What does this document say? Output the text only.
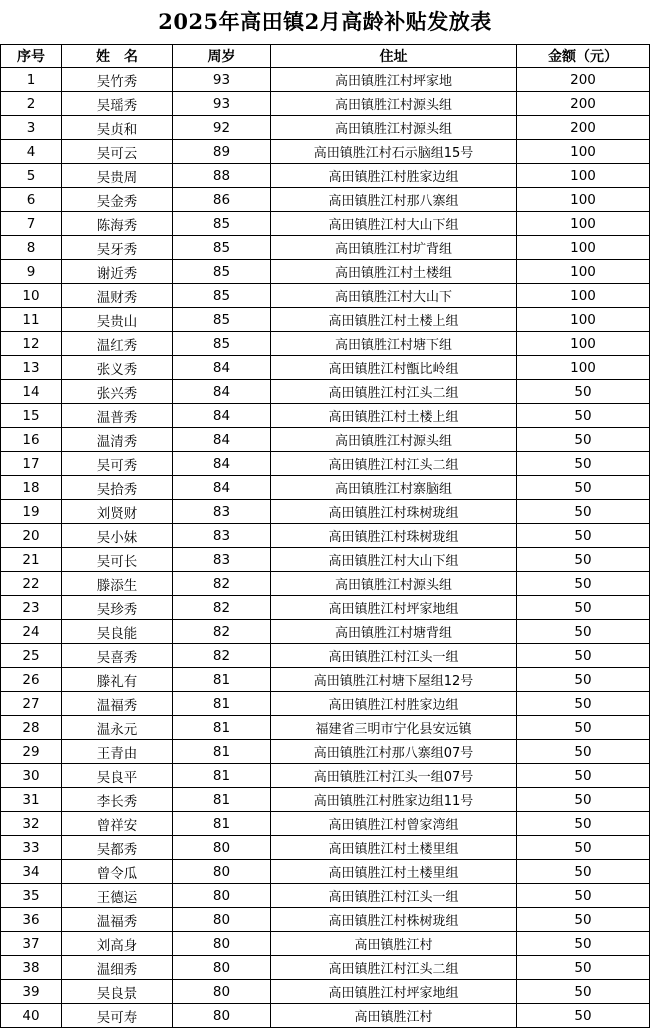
2025年高田镇2月高龄补贴发放表
序号	姓　名	周岁	住址	金额（元）
1	吴竹秀	93	高田镇胜江村坪家地	200
2	吴瑶秀	93	高田镇胜江村源头组	200
3	吴贞和	92	高田镇胜江村源头组	200
4	吴可云	89	高田镇胜江村石示脑组15号	100
5	吴贵周	88	高田镇胜江村胜家边组	100
6	吴金秀	86	高田镇胜江村那八寨组	100
7	陈海秀	85	高田镇胜江村大山下组	100
8	吴牙秀	85	高田镇胜江村圹背组	100
9	谢近秀	85	高田镇胜江村土楼组	100
10	温财秀	85	高田镇胜江村大山下	100
11	吴贵山	85	高田镇胜江村土楼上组	100
12	温红秀	85	高田镇胜江村塘下组	100
13	张义秀	84	高田镇胜江村甑比岭组	100
14	张兴秀	84	高田镇胜江村江头二组	50
15	温普秀	84	高田镇胜江村土楼上组	50
16	温清秀	84	高田镇胜江村源头组	50
17	吴可秀	84	高田镇胜江村江头二组	50
18	吴拾秀	84	高田镇胜江村寨脑组	50
19	刘贤财	83	高田镇胜江村珠树珑组	50
20	吴小妹	83	高田镇胜江村珠树珑组	50
21	吴可长	83	高田镇胜江村大山下组	50
22	滕添生	82	高田镇胜江村源头组	50
23	吴珍秀	82	高田镇胜江村坪家地组	50
24	吴良能	82	高田镇胜江村塘背组	50
25	吴喜秀	82	高田镇胜江村江头一组	50
26	滕礼有	81	高田镇胜江村塘下屋组12号	50
27	温福秀	81	高田镇胜江村胜家边组	50
28	温永元	81	福建省三明市宁化县安远镇	50
29	王青由	81	高田镇胜江村那八寨组07号	50
30	吴良平	81	高田镇胜江村江头一组07号	50
31	李长秀	81	高田镇胜江村胜家边组11号	50
32	曾祥安	81	高田镇胜江村曾家湾组	50
33	吴都秀	80	高田镇胜江村土楼里组	50
34	曾令瓜	80	高田镇胜江村土楼里组	50
35	王德运	80	高田镇胜江村江头一组	50
36	温福秀	80	高田镇胜江村株树珑组	50
37	刘高身	80	高田镇胜江村	50
38	温细秀	80	高田镇胜江村江头二组	50
39	吴良景	80	高田镇胜江村坪家地组	50
40	吴可寿	80	高田镇胜江村	50
